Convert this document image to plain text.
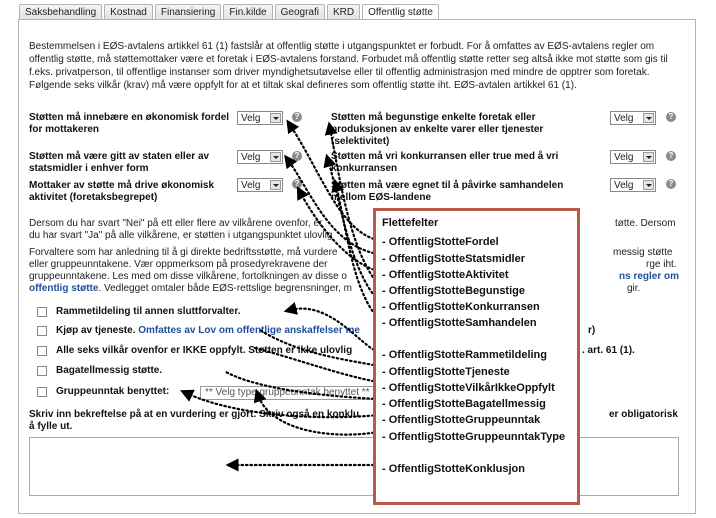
Saksbehandling	Kostnad	Finansiering	Fin.kilde	Geografi	KRD	Offentlig støtte
Bestemmelsen i EØS-avtalens artikkel 61 (1) fastslår at offentlig støtte i utgangspunktet er forbudt. For å omfattes av EØS-avtalens regler om offentlig støtte, må støttemottaker være et foretak i EØS-avtalens forstand. Forbudet må offentlig støtte retter seg altså ikke mot støtte som gis til f.eks. privatperson, til offentlige instanser som driver myndighetsutøvelse eller til offentlig administrasjon med mindre de opptrer som foretak. Følgende seks vilkår (krav) må være oppfylt for at et tiltak skal defineres som offentlig støtte iht. EØS-avtalen artikkel 61 (1).
Støtten må innebære en økonomisk fordel for mottakeren
Velg	?
Støtten må være gitt av staten eller av statsmidler i enhver form
Velg	?
Mottaker av støtte må drive økonomisk aktivitet (foretaksbegrepet)
Velg	?
Støtten må begunstige enkelte foretak eller produksjonen av enkelte varer eller tjenester (selektivitet)
Velg	?
Støtten må vri konkurransen eller true med å vri konkurransen
Velg	?
Støtten må være egnet til å påvirke samhandelen mellom EØS-landene
Velg	?
Dersom du har svart "Nei" på ett eller flere av vilkårene ovenfor, er	tøtte. Dersom
du har svart "Ja" på alle vilkårene, er støtten i utgangspunktet ulovlig
Forvaltere som har anledning til å gi direkte bedriftsstøtte, må vurdere	messig støtte
eller gruppeunntakene. Vær oppmerksom på prosedyrekravene der	rge iht.
gruppeunntakene. Les med om disse vilkårene, fortolkningen av disse o	ns regler om
offentlig støtte. Vedlegget omtaler både EØS-rettslige begrensninger, m	gir.
Rammetildeling til annen sluttforvalter.
Kjøp av tjeneste. Omfattes av Lov om offentlige anskaffelser me	r)
Alle seks vilkår ovenfor er IKKE oppfylt. Støtten er ikke ulovlig	. art. 61 (1).
Bagatellmessig støtte.
Gruppeunntak benyttet:	** Velg type gruppeunntak benyttet **
Skriv inn bekreftelse på at en vurdering er gjort. Skriv også en konklu	er obligatorisk
å fylle ut.
Flettefelter
- OffentligStotteFordel
- OffentligStotteStatsmidler
- OffentligStotteAktivitet
- OffentligStotteBegunstige
- OffentligStotteKonkurransen
- OffentligStotteSamhandelen
- OffentligStotteRammetildeling
- OffentligStotteTjeneste
- OffentligStotteVilkårIkkeOppfylt
- OffentligStotteBagatellmessig
- OffentligStotteGruppeunntak
- OffentligStotteGruppeunntakType
- OffentligStotteKonklusjon
